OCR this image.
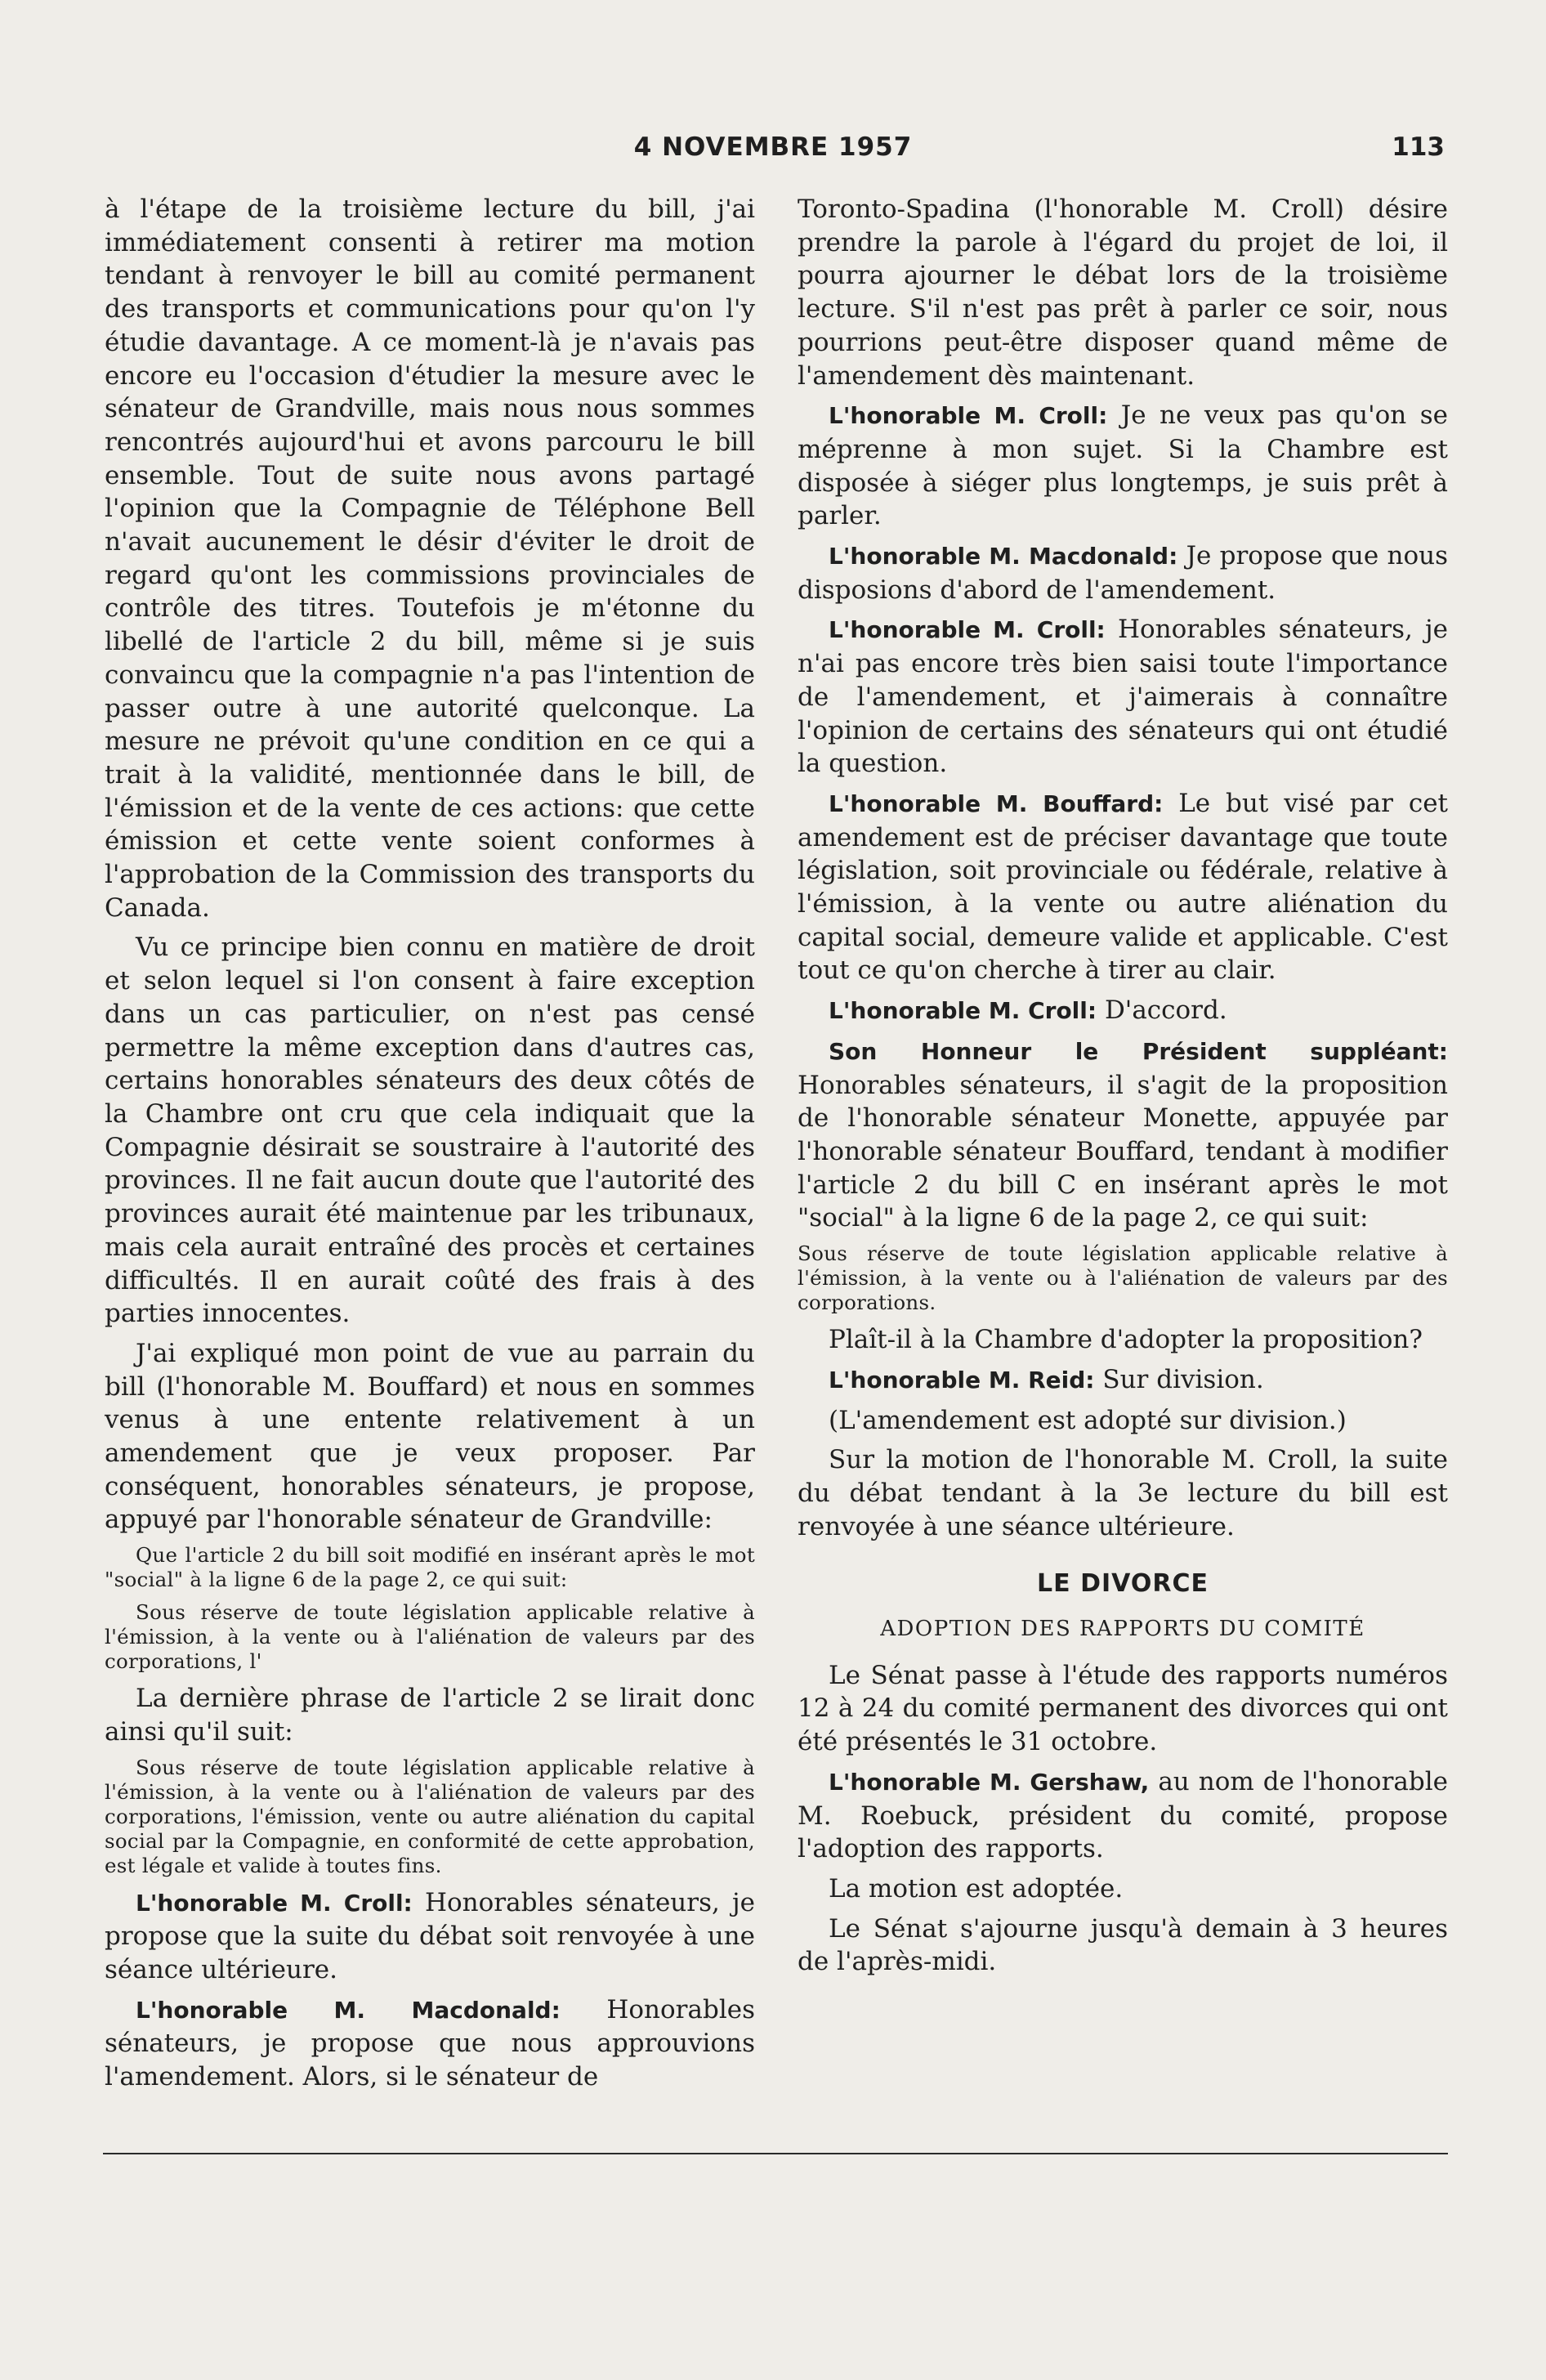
4 NOVEMBRE 1957	113

à l'étape de la troisième lecture du bill, j'ai immédiatement consenti à retirer ma motion tendant à renvoyer le bill au comité permanent des transports et communications pour qu'on l'y étudie davantage. A ce moment-là je n'avais pas encore eu l'occasion d'étudier la mesure avec le sénateur de Grandville, mais nous nous sommes rencontrés aujourd'hui et avons parcouru le bill ensemble. Tout de suite nous avons partagé l'opinion que la Compagnie de Téléphone Bell n'avait aucunement le désir d'éviter le droit de regard qu'ont les commissions provinciales de contrôle des titres. Toutefois je m'étonne du libellé de l'article 2 du bill, même si je suis convaincu que la compagnie n'a pas l'intention de passer outre à une autorité quelconque. La mesure ne prévoit qu'une condition en ce qui a trait à la validité, mentionnée dans le bill, de l'émission et de la vente de ces actions: que cette émission et cette vente soient conformes à l'approbation de la Commission des transports du Canada.

Vu ce principe bien connu en matière de droit et selon lequel si l'on consent à faire exception dans un cas particulier, on n'est pas censé permettre la même exception dans d'autres cas, certains honorables sénateurs des deux côtés de la Chambre ont cru que cela indiquait que la Compagnie désirait se soustraire à l'autorité des provinces. Il ne fait aucun doute que l'autorité des provinces aurait été maintenue par les tribunaux, mais cela aurait entraîné des procès et certaines difficultés. Il en aurait coûté des frais à des parties innocentes.

J'ai expliqué mon point de vue au parrain du bill (l'honorable M. Bouffard) et nous en sommes venus à une entente relativement à un amendement que je veux proposer. Par conséquent, honorables sénateurs, je propose, appuyé par l'honorable sénateur de Grandville:

Que l'article 2 du bill soit modifié en insérant après le mot "social" à la ligne 6 de la page 2, ce qui suit:

Sous réserve de toute législation applicable relative à l'émission, à la vente ou à l'aliénation de valeurs par des corporations, l'

La dernière phrase de l'article 2 se lirait donc ainsi qu'il suit:

Sous réserve de toute législation applicable relative à l'émission, à la vente ou à l'aliénation de valeurs par des corporations, l'émission, vente ou autre aliénation du capital social par la Compagnie, en conformité de cette approbation, est légale et valide à toutes fins.

L'honorable M. Croll: Honorables sénateurs, je propose que la suite du débat soit renvoyée à une séance ultérieure.

L'honorable M. Macdonald: Honorables sénateurs, je propose que nous approuvions l'amendement. Alors, si le sénateur de

Toronto-Spadina (l'honorable M. Croll) désire prendre la parole à l'égard du projet de loi, il pourra ajourner le débat lors de la troisième lecture. S'il n'est pas prêt à parler ce soir, nous pourrions peut-être disposer quand même de l'amendement dès maintenant.

L'honorable M. Croll: Je ne veux pas qu'on se méprenne à mon sujet. Si la Chambre est disposée à siéger plus longtemps, je suis prêt à parler.

L'honorable M. Macdonald: Je propose que nous disposions d'abord de l'amendement.

L'honorable M. Croll: Honorables sénateurs, je n'ai pas encore très bien saisi toute l'importance de l'amendement, et j'aimerais à connaître l'opinion de certains des sénateurs qui ont étudié la question.

L'honorable M. Bouffard: Le but visé par cet amendement est de préciser davantage que toute législation, soit provinciale ou fédérale, relative à l'émission, à la vente ou autre aliénation du capital social, demeure valide et applicable. C'est tout ce qu'on cherche à tirer au clair.

L'honorable M. Croll: D'accord.

Son Honneur le Président suppléant: Honorables sénateurs, il s'agit de la proposition de l'honorable sénateur Monette, appuyée par l'honorable sénateur Bouffard, tendant à modifier l'article 2 du bill C en insérant après le mot "social" à la ligne 6 de la page 2, ce qui suit:

Sous réserve de toute législation applicable relative à l'émission, à la vente ou à l'aliénation de valeurs par des corporations.

Plaît-il à la Chambre d'adopter la proposition?

L'honorable M. Reid: Sur division.

(L'amendement est adopté sur division.)

Sur la motion de l'honorable M. Croll, la suite du débat tendant à la 3e lecture du bill est renvoyée à une séance ultérieure.

LE DIVORCE
ADOPTION DES RAPPORTS DU COMITÉ

Le Sénat passe à l'étude des rapports numéros 12 à 24 du comité permanent des divorces qui ont été présentés le 31 octobre.

L'honorable M. Gershaw, au nom de l'honorable M. Roebuck, président du comité, propose l'adoption des rapports.

La motion est adoptée.

Le Sénat s'ajourne jusqu'à demain à 3 heures de l'après-midi.
